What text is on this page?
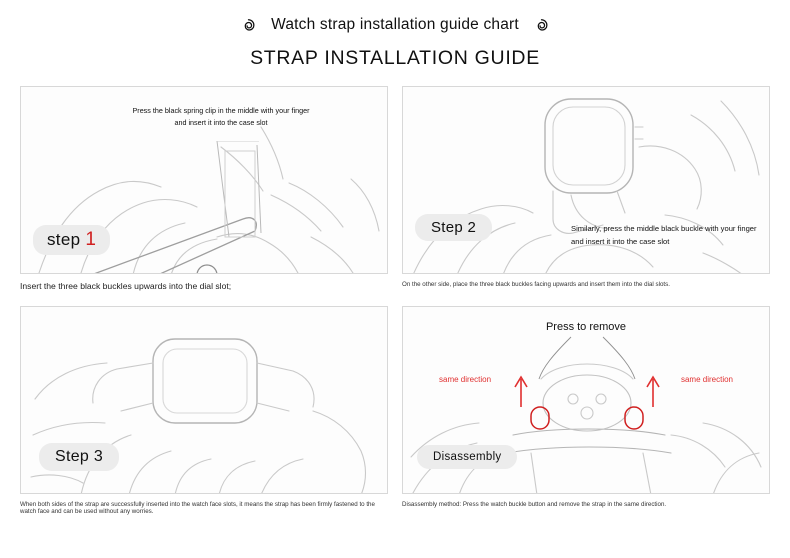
Watch strap installation guide chart
STRAP INSTALLATION GUIDE
Press the black spring clip in the middle with your finger and insert it into the case slot
step 1
Insert the three black buckles upwards into the dial slot;
Similarly, press the middle black buckle with your finger and insert it into the case slot
Step 2
On the other side, place the three black buckles facing upwards and insert them into the dial slots.
Step 3
When both sides of the strap are successfully inserted into the watch face slots, it means the strap has been firmly fastened to the watch face and can be used without any worries.
Press to remove
same direction	same direction
Disassembly
Disassembly method: Press the watch buckle button and remove the strap in the same direction.
